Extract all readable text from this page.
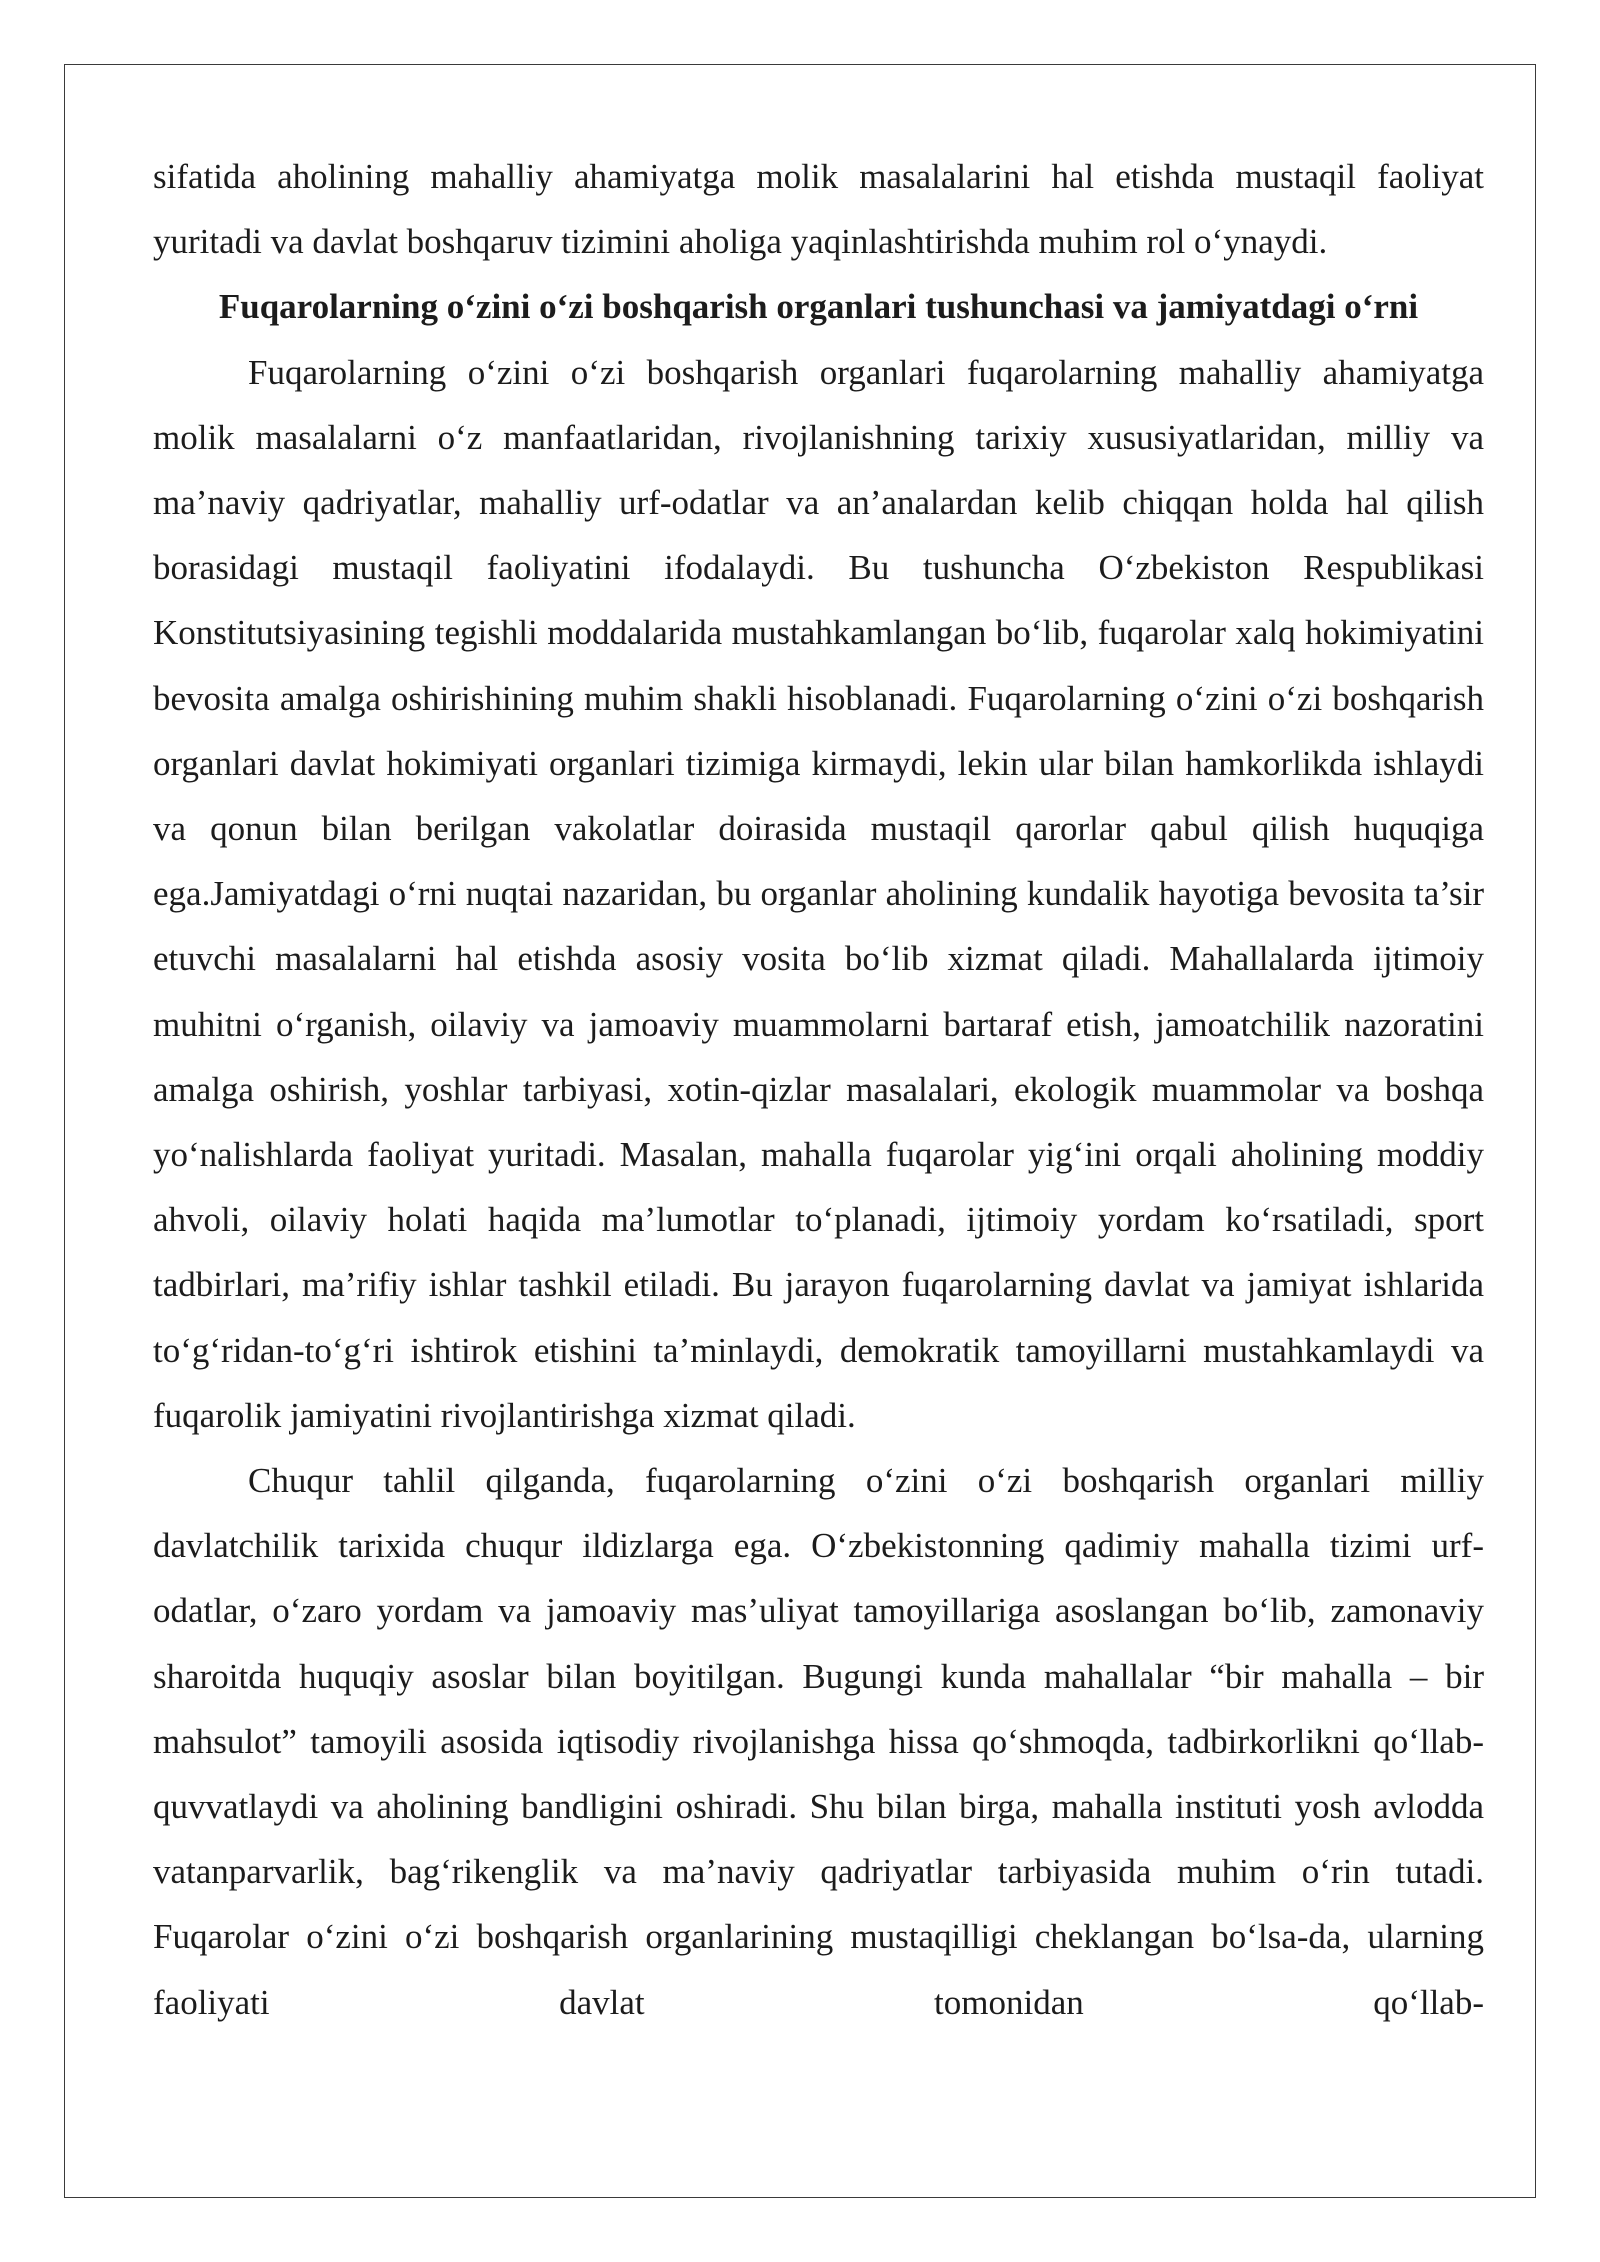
sifatida aholining mahalliy ahamiyatga molik masalalarini hal etishda mustaqil faoliyat yuritadi va davlat boshqaruv tizimini aholiga yaqinlashtirishda muhim rol o‘ynaydi.

Fuqarolarning o‘zini o‘zi boshqarish organlari tushunchasi va jamiyatdagi o‘rni

Fuqarolarning o‘zini o‘zi boshqarish organlari fuqarolarning mahalliy ahamiyatga molik masalalarni o‘z manfaatlaridan, rivojlanishning tarixiy xususiyatlaridan, milliy va ma’naviy qadriyatlar, mahalliy urf-odatlar va an’analardan kelib chiqqan holda hal qilish borasidagi mustaqil faoliyatini ifodalaydi. Bu tushuncha O‘zbekiston Respublikasi Konstitutsiyasining tegishli moddalarida mustahkamlangan bo‘lib, fuqarolar xalq hokimiyatini bevosita amalga oshirishining muhim shakli hisoblanadi. Fuqarolarning o‘zini o‘zi boshqarish organlari davlat hokimiyati organlari tizimiga kirmaydi, lekin ular bilan hamkorlikda ishlaydi va qonun bilan berilgan vakolatlar doirasida mustaqil qarorlar qabul qilish huquqiga ega.Jamiyatdagi o‘rni nuqtai nazaridan, bu organlar aholining kundalik hayotiga bevosita ta’sir etuvchi masalalarni hal etishda asosiy vosita bo‘lib xizmat qiladi. Mahallalarda ijtimoiy muhitni o‘rganish, oilaviy va jamoaviy muammolarni bartaraf etish, jamoatchilik nazoratini amalga oshirish, yoshlar tarbiyasi, xotin-qizlar masalalari, ekologik muammolar va boshqa yo‘nalishlarda faoliyat yuritadi. Masalan, mahalla fuqarolar yig‘ini orqali aholining moddiy ahvoli, oilaviy holati haqida ma’lumotlar to‘planadi, ijtimoiy yordam ko‘rsatiladi, sport tadbirlari, ma’rifiy ishlar tashkil etiladi. Bu jarayon fuqarolarning davlat va jamiyat ishlarida to‘g‘ridan-to‘g‘ri ishtirok etishini ta’minlaydi, demokratik tamoyillarni mustahkamlaydi va fuqarolik jamiyatini rivojlantirishga xizmat qiladi.

Chuqur tahlil qilganda, fuqarolarning o‘zini o‘zi boshqarish organlari milliy davlatchilik tarixida chuqur ildizlarga ega. O‘zbekistonning qadimiy mahalla tizimi urf-odatlar, o‘zaro yordam va jamoaviy mas’uliyat tamoyillariga asoslangan bo‘lib, zamonaviy sharoitda huquqiy asoslar bilan boyitilgan. Bugungi kunda mahallalar “bir mahalla – bir mahsulot” tamoyili asosida iqtisodiy rivojlanishga hissa qo‘shmoqda, tadbirkorlikni qo‘llab-quvvatlaydi va aholining bandligini oshiradi. Shu bilan birga, mahalla instituti yosh avlodda vatanparvarlik, bag‘rikenglik va ma’naviy qadriyatlar tarbiyasida muhim o‘rin tutadi. Fuqarolar o‘zini o‘zi boshqarish organlarining mustaqilligi cheklangan bo‘lsa-da, ularning faoliyati davlat tomonidan qo‘llab-
